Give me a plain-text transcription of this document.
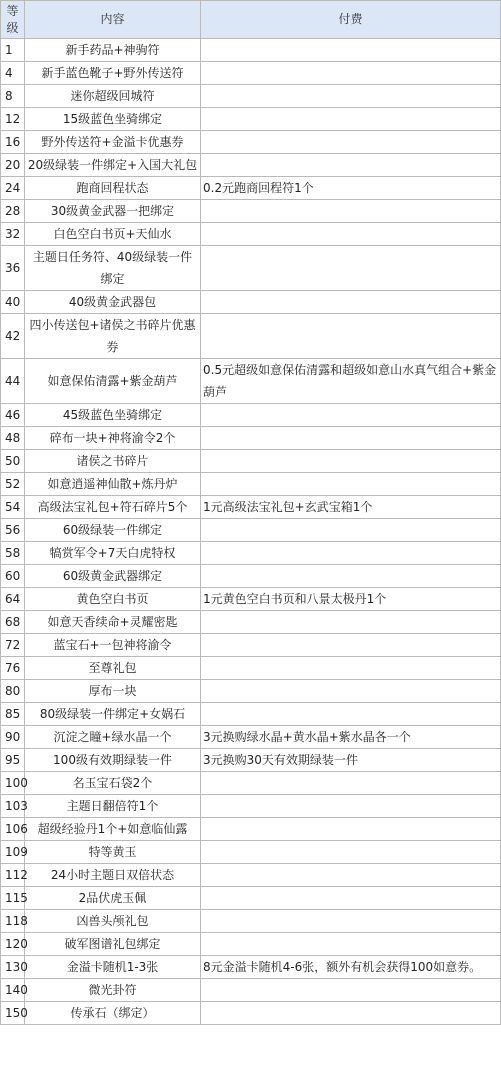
等
级	内容	付费
1	新手药品+神驹符	
4	新手蓝色靴子+野外传送符	
8	迷你超级回城符	
12	15级蓝色坐骑绑定	
16	野外传送符+金溢卡优惠券	
20	20级绿装一件绑定+入国大礼包	
24	跑商回程状态	0.2元跑商回程符1个
28	30级黄金武器一把绑定	
32	白色空白书页+天仙水	
36	主题日任务符、40级绿装一件绑定	
40	40级黄金武器包	
42	四小传送包+诸侯之书碎片优惠券	
44	如意保佑清露+紫金葫芦	0.5元超级如意保佑清露和超级如意山水真气组合+紫金葫芦
46	45级蓝色坐骑绑定	
48	碎布一块+神将渝令2个	
50	诸侯之书碎片	
52	如意逍遥神仙散+炼丹炉	
54	高级法宝礼包+符石碎片5个	1元高级法宝礼包+玄武宝箱1个
56	60级绿装一件绑定	
58	犒赏军令+7天白虎特权	
60	60级黄金武器绑定	
64	黄色空白书页	1元黄色空白书页和八景太极丹1个
68	如意天香续命+灵耀密匙	
72	蓝宝石+一包神将渝令	
76	至尊礼包	
80	厚布一块	
85	80级绿装一件绑定+女娲石	
90	沉淀之瞳+绿水晶一个	3元换购绿水晶+黄水晶+紫水晶各一个
95	100级有效期绿装一件	3元换购30天有效期绿装一件
100	名玉宝石袋2个	
103	主题日翻倍符1个	
106	超级经验丹1个+如意临仙露	
109	特等黄玉	
112	24小时主题日双倍状态	
115	2品伏虎玉佩	
118	凶兽头颅礼包	
120	破军图谱礼包绑定	
130	金溢卡随机1-3张	8元金溢卡随机4-6张，额外有机会获得100如意券。
140	微光卦符	
150	传承石（绑定）	
